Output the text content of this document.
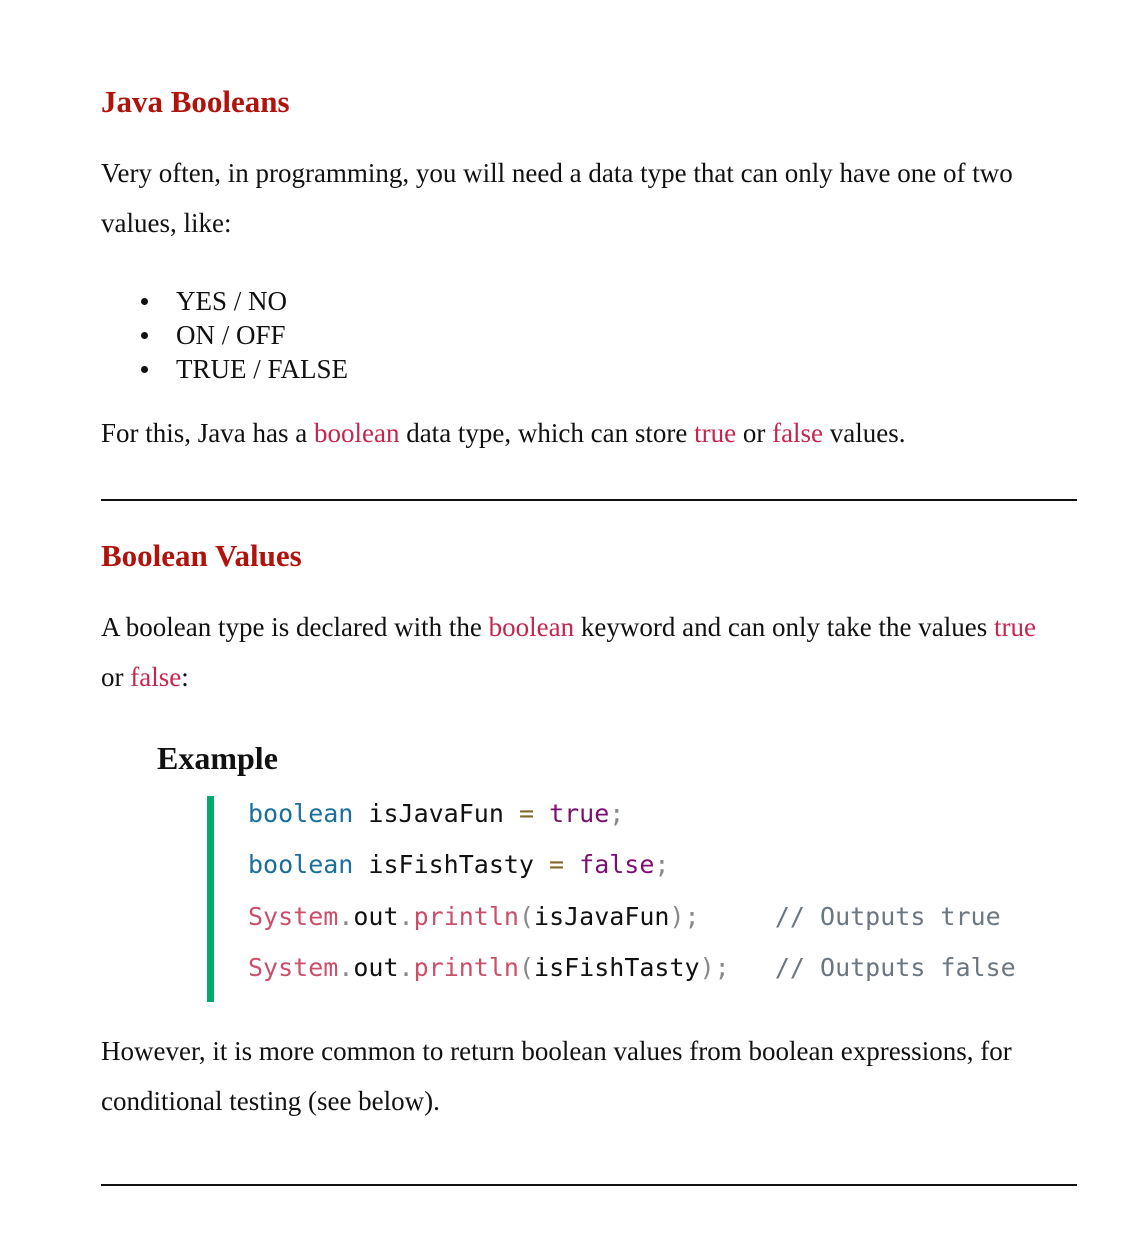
Java Booleans

Very often, in programming, you will need a data type that can only have one of two values, like:

YES / NO
ON / OFF
TRUE / FALSE

For this, Java has a boolean data type, which can store true or false values.

Boolean Values

A boolean type is declared with the boolean keyword and can only take the values true or false:

Example
boolean isJavaFun = true;
boolean isFishTasty = false;
System.out.println(isJavaFun);	// Outputs true
System.out.println(isFishTasty); // Outputs false

However, it is more common to return boolean values from boolean expressions, for conditional testing (see below).
